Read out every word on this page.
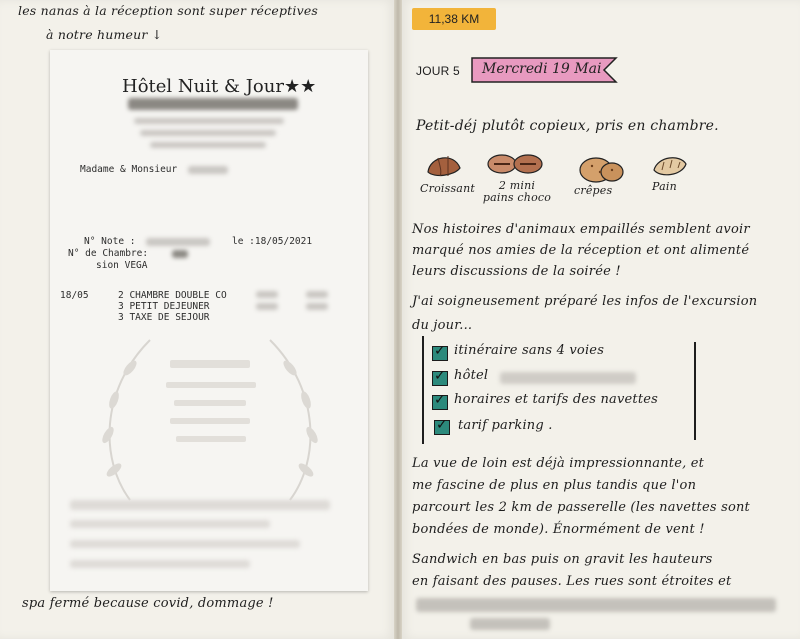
les nanas à la réception sont super réceptives
à notre humeur ↓
Hôtel Nuit & Jour★★
Madame & Monsieur
N° Note :	le :18/05/2021
N° de Chambre:
sion VEGA
18/05	2 CHAMBRE DOUBLE CO
3 PETIT DEJEUNER
3 TAXE DE SEJOUR
spa fermé because covid, dommage !
11,38 KM
JOUR 5 Mercredi 19 Mai
Petit-déj plutôt copieux, pris en chambre.
Croissant	2 mini pains choco
crêpes	Pain
Nos histoires d'animaux empaillés semblent avoir
marqué nos amies de la réception et ont alimenté
leurs discussions de la soirée !
J'ai soigneusement préparé les infos de l'excursion
du jour...
✓
itinéraire sans 4 voies
✓
hôtel
✓
horaires et tarifs des navettes
✓
tarif parking .
La vue de loin est déjà impressionnante, et
me fascine de plus en plus tandis que l'on
parcourt les 2 km de passerelle (les navettes sont
bondées de monde). Énormément de vent !
Sandwich en bas puis on gravit les hauteurs
en faisant des pauses. Les rues sont étroites et
